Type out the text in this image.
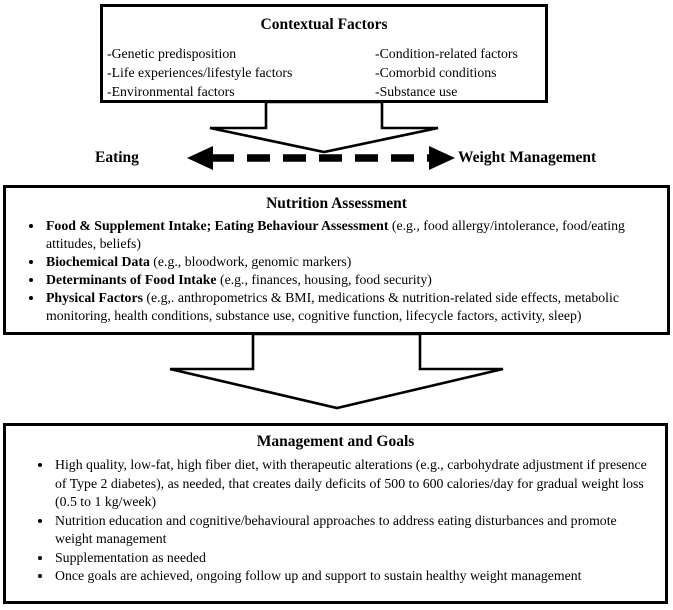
Contextual Factors
-Genetic predisposition
-Life experiences/lifestyle factors
-Environmental factors
-Condition-related factors
-Comorbid conditions
-Substance use
Eating	Weight Management
Nutrition Assessment
• Food & Supplement Intake; Eating Behaviour Assessment (e.g., food allergy/intolerance, food/eating attitudes, beliefs)
• Biochemical Data (e.g., bloodwork, genomic markers)
• Determinants of Food Intake (e.g., finances, housing, food security)
• Physical Factors (e.g,. anthropometrics & BMI, medications & nutrition-related side effects, metabolic monitoring, health conditions, substance use, cognitive function, lifecycle factors, activity, sleep)
Management and Goals
• High quality, low-fat, high fiber diet, with therapeutic alterations (e.g., carbohydrate adjustment if presence of Type 2 diabetes), as needed, that creates daily deficits of 500 to 600 calories/day for gradual weight loss (0.5 to 1 kg/week)
• Nutrition education and cognitive/behavioural approaches to address eating disturbances and promote weight management
• Supplementation as needed
• Once goals are achieved, ongoing follow up and support to sustain healthy weight management
